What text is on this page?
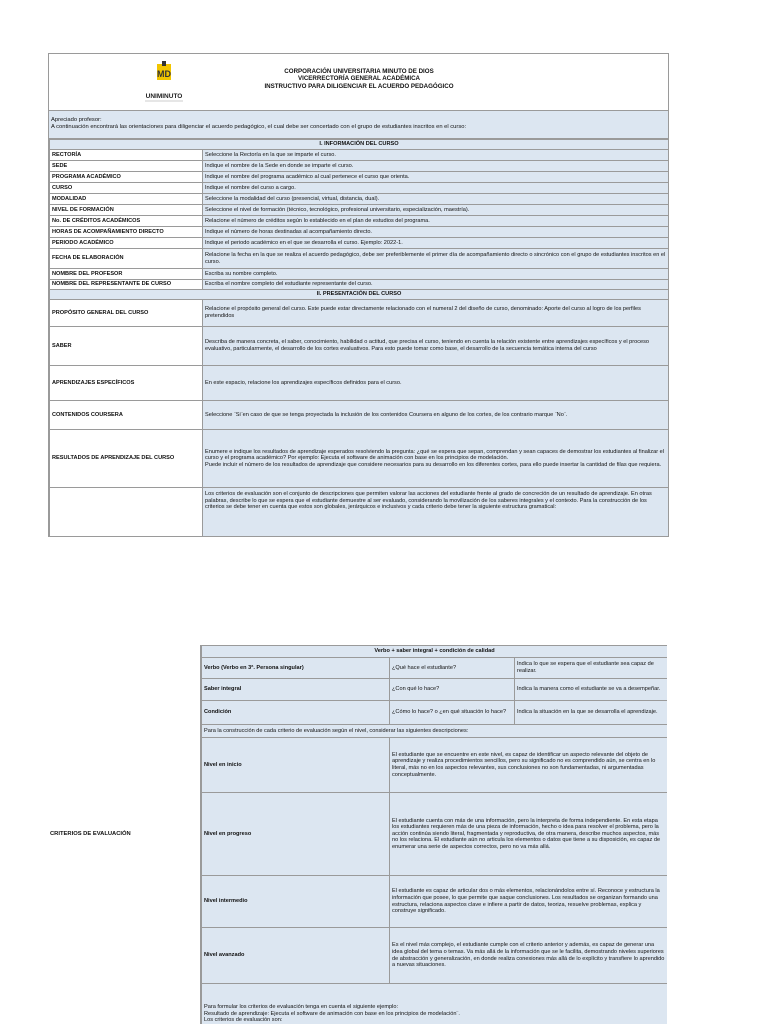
MD
UNIMINUTO
CORPORACIÓN UNIVERSITARIA MINUTO DE DIOS
VICERRECTORÍA GENERAL ACADÉMICA
INSTRUCTIVO PARA DILIGENCIAR EL ACUERDO PEDAGÓGICO
Apreciado profesor:
A continuación encontrará las orientaciones para diligenciar el acuerdo pedagógico, el cual debe ser concertado con el grupo de estudiantes inscritos en el curso:
I. INFORMACIÓN DEL CURSO	
RECTORÍA	Seleccione la Rectoría en la que se imparte el curso.
SEDE	Indique el nombre de la Sede en donde se imparte el curso.
PROGRAMA ACADÉMICO	Indique el nombre del programa académico al cual pertenece el curso que orienta.
CURSO	Indique el nombre del curso a cargo.
MODALIDAD	Seleccione la modalidad del curso (presencial, virtual, distancia, dual).
NIVEL DE FORMACIÓN	Seleccione el nivel de formación (técnico, tecnológico, profesional universitario, especialización, maestría).
No. DE CRÉDITOS ACADÉMICOS	Relacione el número de créditos según lo establecido en el plan de estudios del programa.
HORAS DE ACOMPAÑAMIENTO DIRECTO	Indique el número de horas destinadas al acompañamiento directo.
PERIODO ACADÉMICO	Indique el periodo académico en el que se desarrolla el curso. Ejemplo: 2022-1.
FECHA DE ELABORACIÓN	Relacione la fecha en la que se realiza el acuerdo pedagógico, debe ser preferiblemente el primer día de acompañamiento directo o sincrónico con el grupo de estudiantes inscritos en el curso.
NOMBRE DEL PROFESOR	Escriba su nombre completo.
NOMBRE DEL REPRESENTANTE DE CURSO	Escriba el nombre completo del estudiante representante del curso.
II. PRESENTACIÓN DEL CURSO	
PROPÓSITO GENERAL DEL CURSO	Relacione el propósito general del curso. Este puede estar directamente relacionado con el numeral 2 del diseño de curso, denominado: Aporte del curso al logro de los perfiles pretendidos
SABER	Describa de manera concreta, el saber, conocimiento, habilidad o actitud, que precisa el curso, teniendo en cuenta la relación existente entre aprendizajes específicos y el proceso evaluativo, particularmente, el desarrollo de los cortes evaluativos. Para esto puede tomar como base, el desarrollo de la secuencia temática interna del curso
APRENDIZAJES ESPECÍFICOS	En este espacio, relacione los aprendizajes específicos definidos para el curso.
CONTENIDOS COURSERA	Seleccione ¨Si¨en caso de que se tenga proyectada la inclusión de los contenidos Coursera en alguno de los cortes, de los contrario marque ¨No¨.
RESULTADOS DE APRENDIZAJE DEL CURSO	Enumere e indique los resultados de aprendizaje esperados resolviendo la pregunta: ¿qué se espera que sepan, comprendan y sean capaces de demostrar los estudiantes al finalizar el curso y el programa académico? Por ejemplo: Ejecuta el software de animación con base en los principios de modelación.
Puede incluir el número de los resultados de aprendizaje que considere necesarios para su desarrollo en los diferentes cortes, para ello puede insertar la cantidad de filas que requiera.

	Los criterios de evaluación son el conjunto de descripciones que permiten valorar las acciones del estudiante frente al grado de concreción de un resultado de aprendizaje. En otras palabras, describe lo que se espera que el estudiante demuestre al ser evaluado, considerando la movilización de los saberes integrales y el contexto. Para la construcción de los criterios se debe tener en cuenta que estos son globales, jerárquicos e inclusivos y cada criterio debe tener la siguiente estructura gramatical:
CRITERIOS DE EVALUACIÓN
Verbo + saber integral + condición de calidad		
Verbo (Verbo en 3ª. Persona singular)	¿Qué hace el estudiante?	Indica lo que se espera que el estudiante sea capaz de realizar.
Saber integral	¿Con qué lo hace?	Indica la manera como el estudiante se va a desempeñar.
Condición	¿Cómo lo hace? o ¿en qué situación lo hace?	Indica la situación en la que se desarrolla el aprendizaje.
Para la construcción de cada criterio de evaluación según el nivel, considerar las siguientes descripciones:		
Nivel en inicio	El estudiante que se encuentre en este nivel, es capaz de identificar un aspecto relevante del objeto de aprendizaje y realiza procedimientos sencillos, pero su significado no es comprendido aún, se centra en lo literal, más no en los aspectos relevantes, sus conclusiones no son fundamentadas, ni argumentadas conceptualmente.	
Nivel en progreso	El estudiante cuenta con más de una información, pero la interpreta de forma independiente. En esta etapa los estudiantes requieren más de una pieza de información, hecho o idea para resolver el problema, pero la acción continúa siendo literal, fragmentada y reproductiva, de otra manera, describe muchos aspectos, más no los relaciona. El estudiante aún no articula los elementos o datos que tiene a su disposición, es capaz de enumerar una serie de aspectos correctos, pero no va más allá.	
Nivel intermedio	El estudiante es capaz de articular dos o más elementos, relacionándolos entre sí. Reconoce y estructura la información que posee, lo que permite que saque conclusiones. Los resultados se organizan formando una estructura, relaciona aspectos clave e infiere a partir de datos, teoriza, resuelve problemas, explica y construye significado.	
Nivel avanzado	Es el nivel más complejo, el estudiante cumple con el criterio anterior y además, es capaz de generar una idea global del tema o temas. Va más allá de la información que se le facilita, demostrando niveles superiores de abstracción y generalización, en donde realiza conexiones más allá de lo explícito y transfiere lo aprendido a nuevas situaciones.	

Para formular los criterios de evaluación tenga en cuenta el siguiente ejemplo:
Resultado de aprendizaje: Ejecuta el software de animación con base en los principios de modelación¨.
Los criterios de evaluación son:		
